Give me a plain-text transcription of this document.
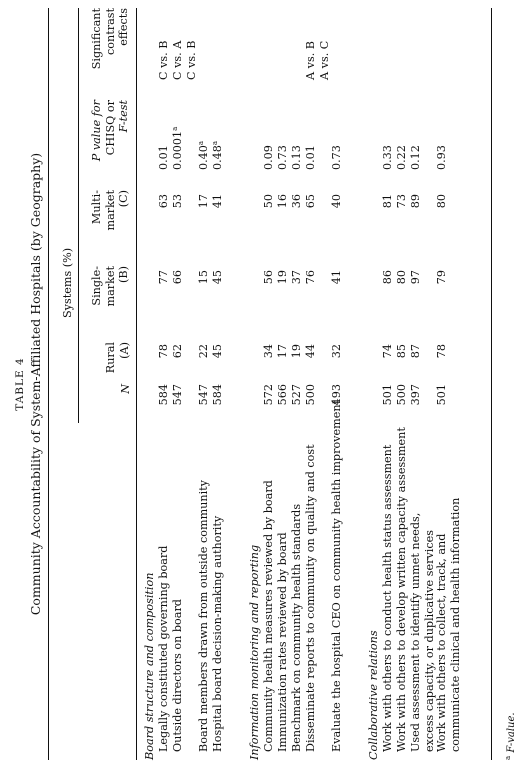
TABLE 4 Community Accountability of System-Affiliated Hospitals (by Geography) Systems (%)
N
Rural (A)
Single- market (B)
Multi- market (C)
P value for CHISQ or F-test
Significant contrast effects
Board structure and composition	Information monitoring and reporting	Collaborative relations
Legally constituted governing board
584
78
77
63
0.01
C vs. B
Outside directors on board
547
62
66
53
0.0001$^a$
C vs. A C vs. B
Board members drawn from outside community
547
22
15
17
0.40$^a$
Hospital board decision-making authority
584
45
45
41
0.48$^a$
Community health measures reviewed by board
572
34
56
50
0.09
Immunization rates reviewed by board
566
17
19
16
0.73
Benchmark on community health standards
527
19
37
36
0.13
Disseminate reports to community on quality and cost
500
44
76
65
0.01
A vs. B A vs. C
Evaluate the hospital CEO on community health improvement
493
32
41
40
0.73
Work with others to conduct health status assessment
501
74
86
81
0.33
Work with others to develop written capacity assessment
500
85
80
73
0.22
Used assessment to identify unmet needs, excess capacity, or duplicative services
397
87
97
89
0.12
Work with others to collect, track, and communicate clinical and health information
501
78
79
80
0.93
$^a$ F-value.
